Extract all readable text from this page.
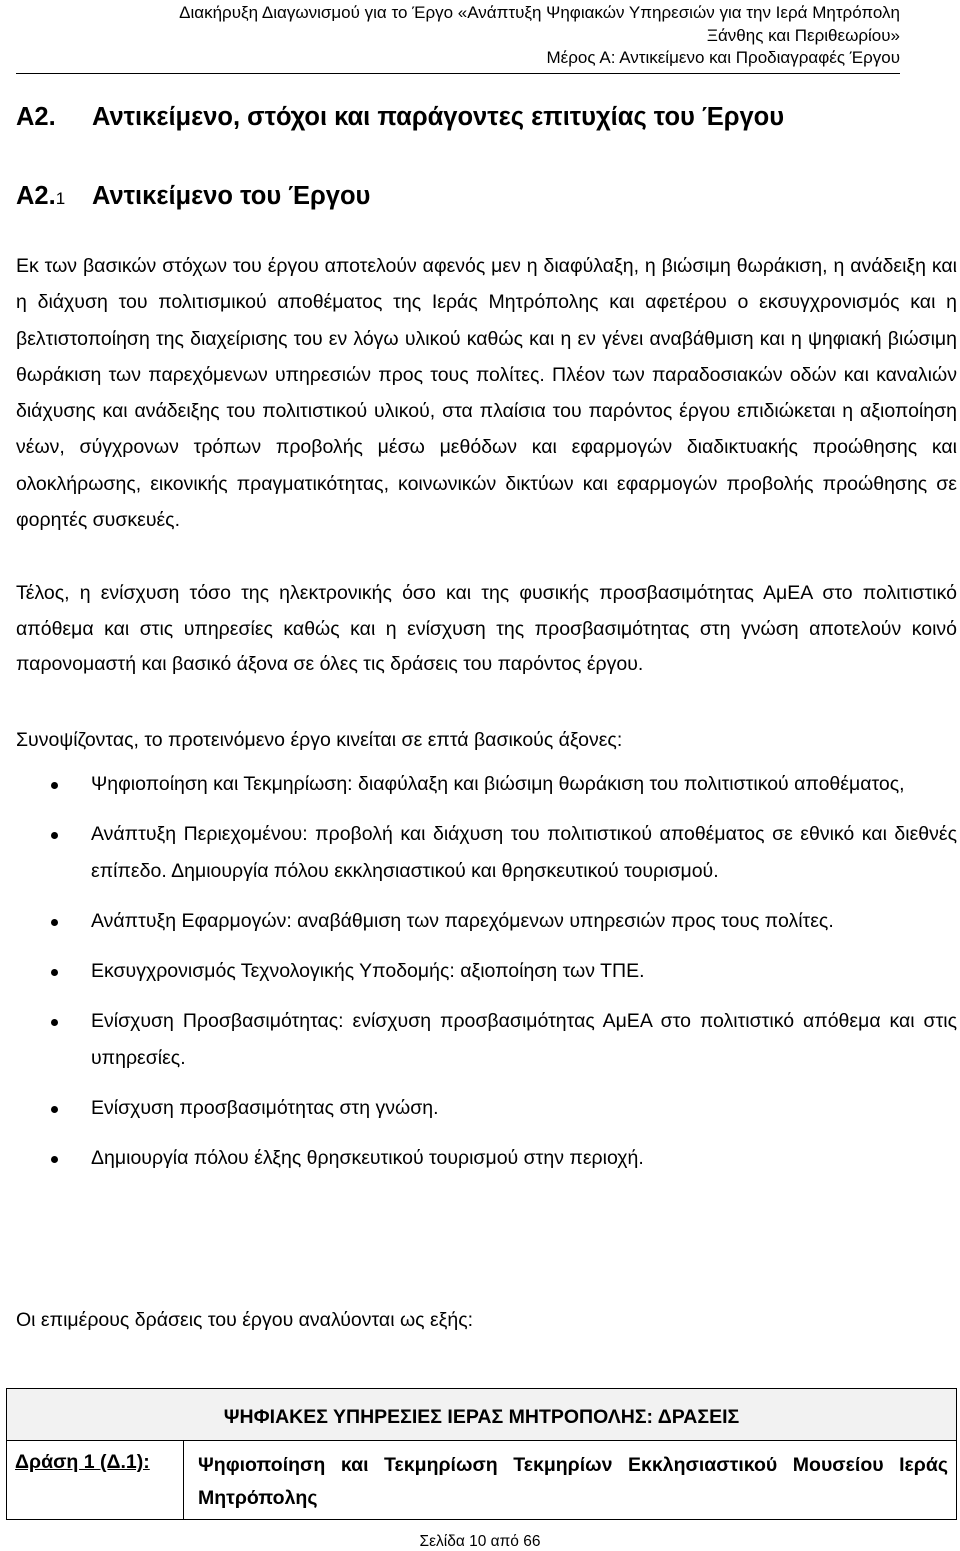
Διακήρυξη Διαγωνισμού για το Έργο «Ανάπτυξη Ψηφιακών Υπηρεσιών για την Ιερά Μητρόπολη
Ξάνθης και Περιθεωρίου»
Μέρος Α: Αντικείμενο και Προδιαγραφές Έργου
Α2. Αντικείμενο, στόχοι και παράγοντες επιτυχίας του Έργου
Α2.1 Αντικείμενο του Έργου
Εκ των βασικών στόχων του έργου αποτελούν αφενός μεν η διαφύλαξη, η βιώσιμη θωράκιση, η ανάδειξη και η διάχυση του πολιτισμικού αποθέματος της Ιεράς Μητρόπολης και αφετέρου ο εκσυγχρονισμός και η βελτιστοποίηση της διαχείρισης του εν λόγω υλικού καθώς και η εν γένει αναβάθμιση και η ψηφιακή βιώσιμη θωράκιση των παρεχόμενων υπηρεσιών προς τους πολίτες. Πλέον των παραδοσιακών οδών και καναλιών διάχυσης και ανάδειξης του πολιτιστικού υλικού, στα πλαίσια του παρόντος έργου επιδιώκεται η αξιοποίηση νέων, σύγχρονων τρόπων προβολής μέσω μεθόδων και εφαρμογών διαδικτυακής προώθησης και ολοκλήρωσης, εικονικής πραγματικότητας, κοινωνικών δικτύων και εφαρμογών προβολής προώθησης σε φορητές συσκευές.
Τέλος, η ενίσχυση τόσο της ηλεκτρονικής όσο και της φυσικής προσβασιμότητας ΑμΕΑ στο πολιτιστικό απόθεμα και στις υπηρεσίες καθώς και η ενίσχυση της προσβασιμότητας στη γνώση αποτελούν κοινό παρονομαστή και βασικό άξονα σε όλες τις δράσεις του παρόντος έργου.
Συνοψίζοντας, το προτεινόμενο έργο κινείται σε επτά βασικούς άξονες:
Ψηφιοποίηση και Τεκμηρίωση: διαφύλαξη και βιώσιμη θωράκιση του πολιτιστικού αποθέματος,
Ανάπτυξη Περιεχομένου: προβολή και διάχυση του πολιτιστικού αποθέματος σε εθνικό και διεθνές επίπεδο. Δημιουργία πόλου εκκλησιαστικού και θρησκευτικού τουρισμού.
Ανάπτυξη Εφαρμογών: αναβάθμιση των παρεχόμενων υπηρεσιών προς τους πολίτες.
Εκσυγχρονισμός Τεχνολογικής Υποδομής: αξιοποίηση των ΤΠΕ.
Ενίσχυση Προσβασιμότητας: ενίσχυση προσβασιμότητας ΑμΕΑ στο πολιτιστικό απόθεμα και στις υπηρεσίες.
Ενίσχυση προσβασιμότητας στη γνώση.
Δημιουργία πόλου έλξης θρησκευτικού τουρισμού στην περιοχή.
Οι επιμέρους δράσεις του έργου αναλύονται ως εξής:
ΨΗΦΙΑΚΕΣ ΥΠΗΡΕΣΙΕΣ ΙΕΡΑΣ ΜΗΤΡΟΠΟΛΗΣ: ΔΡΑΣΕΙΣ
Δράση 1 (Δ.1):	Ψηφιοποίηση και Τεκμηρίωση Τεκμηρίων Εκκλησιαστικού Μουσείου Ιεράς Μητρόπολης
Σελίδα 10 από 66
